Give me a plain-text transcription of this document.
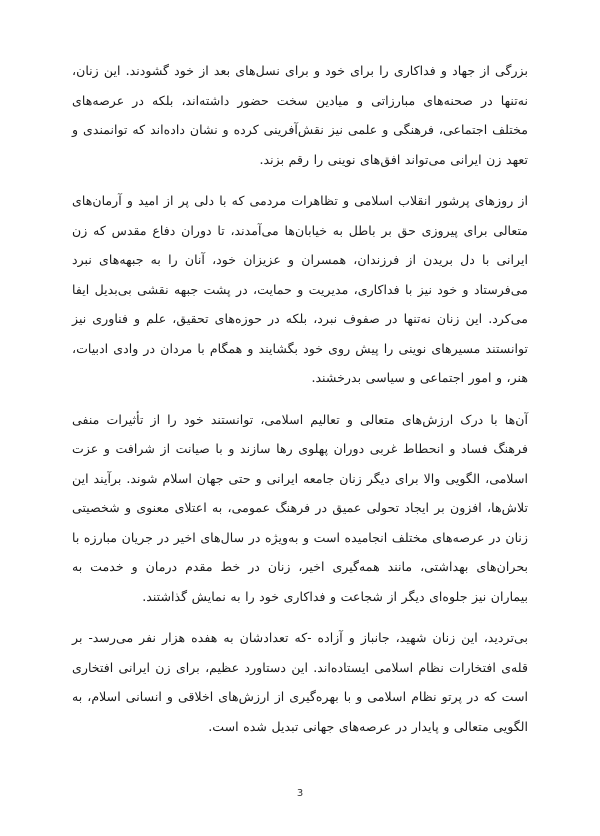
بزرگی از جهاد و فداکاری را برای خود و برای نسل‌های بعد از خود گشودند. این زنان، نه‌تنها در صحنه‌های مبارزاتی و میادین سخت حضور داشته‌اند، بلکه در عرصه‌های مختلف اجتماعی، فرهنگی و علمی نیز نقش‌آفرینی کرده و نشان داده‌اند که توانمندی و تعهد زن ایرانی می‌تواند افق‌های نوینی را رقم بزند.

از روزهای پرشور انقلاب اسلامی و تظاهرات مردمی که با دلی پر از امید و آرمان‌های متعالی برای پیروزی حق بر باطل به خیابان‌ها می‌آمدند، تا دوران دفاع مقدس که زن ایرانی با دل بریدن از فرزندان، همسران و عزیزان خود، آنان را به جبهه‌های نبرد می‌فرستاد و خود نیز با فداکاری، مدیریت و حمایت، در پشت جبهه نقشی بی‌بدیل ایفا می‌کرد. این زنان نه‌تنها در صفوف نبرد، بلکه در حوزه‌های تحقیق، علم و فناوری نیز توانستند مسیرهای نوینی را پیش روی خود بگشایند و همگام با مردان در وادی ادبیات، هنر، و امور اجتماعی و سیاسی بدرخشند.

آن‌ها با درک ارزش‌های متعالی و تعالیم اسلامی، توانستند خود را از تأثیرات منفی فرهنگ فساد و انحطاط غربی دوران پهلوی رها سازند و با صیانت از شرافت و عزت اسلامی، الگویی والا برای دیگر زنان جامعه ایرانی و حتی جهان اسلام شوند. برآیند این تلاش‌ها، افزون بر ایجاد تحولی عمیق در فرهنگ عمومی، به اعتلای معنوی و شخصیتی زنان در عرصه‌های مختلف انجامیده است و به‌ویژه در سال‌های اخیر در جریان مبارزه با بحران‌های بهداشتی، مانند همه‌گیری اخیر، زنان در خط مقدم درمان و خدمت به بیماران نیز جلوه‌ای دیگر از شجاعت و فداکاری خود را به نمایش گذاشتند.

بی‌تردید، این زنان شهید، جانباز و آزاده -که تعدادشان به هفده هزار نفر می‌رسد- بر قله‌ی افتخارات نظام اسلامی ایستاده‌اند. این دستاورد عظیم، برای زن ایرانی افتخاری است که در پرتو نظام اسلامی و با بهره‌گیری از ارزش‌های اخلاقی و انسانی اسلام، به الگویی متعالی و پایدار در عرصه‌های جهانی تبدیل شده است.

3
